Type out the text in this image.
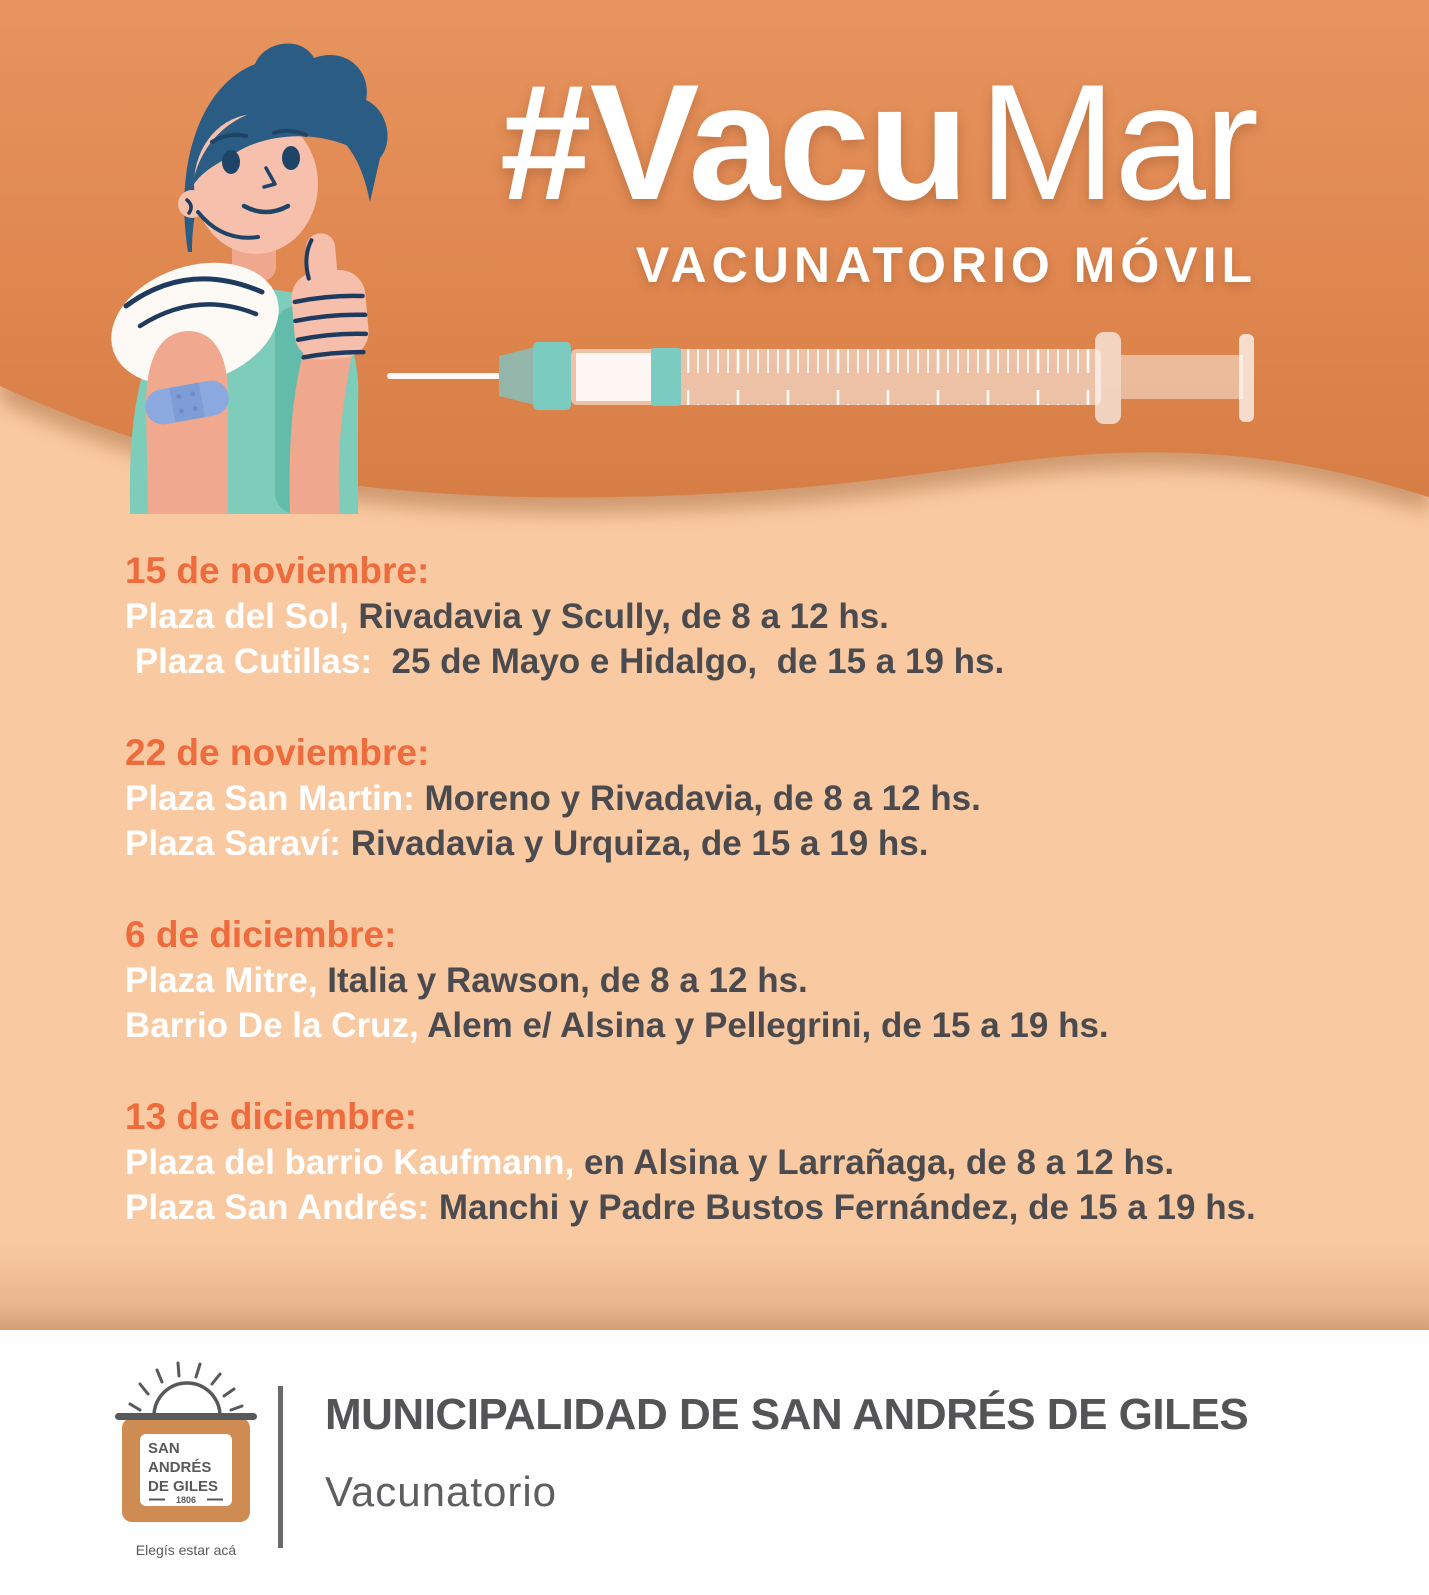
#VacuMar
VACUNATORIO MÓVIL
15 de noviembre:
Plaza del Sol, Rivadavia y Scully, de 8 a 12 hs.
Plaza Cutillas:  25 de Mayo e Hidalgo,  de 15 a 19 hs.
22 de noviembre:
Plaza San Martin: Moreno y Rivadavia, de 8 a 12 hs.
Plaza Saraví: Rivadavia y Urquiza, de 15 a 19 hs.
6 de diciembre:
Plaza Mitre, Italia y Rawson, de 8 a 12 hs.
Barrio De la Cruz, Alem e/ Alsina y Pellegrini, de 15 a 19 hs.
13 de diciembre:
Plaza del barrio Kaufmann, en Alsina y Larrañaga, de 8 a 12 hs.
Plaza San Andrés: Manchi y Padre Bustos Fernández, de 15 a 19 hs.
SAN
ANDRÉS
DE GILES
1806
Elegís estar acá
MUNICIPALIDAD DE SAN ANDRÉS DE GILES
Vacunatorio
